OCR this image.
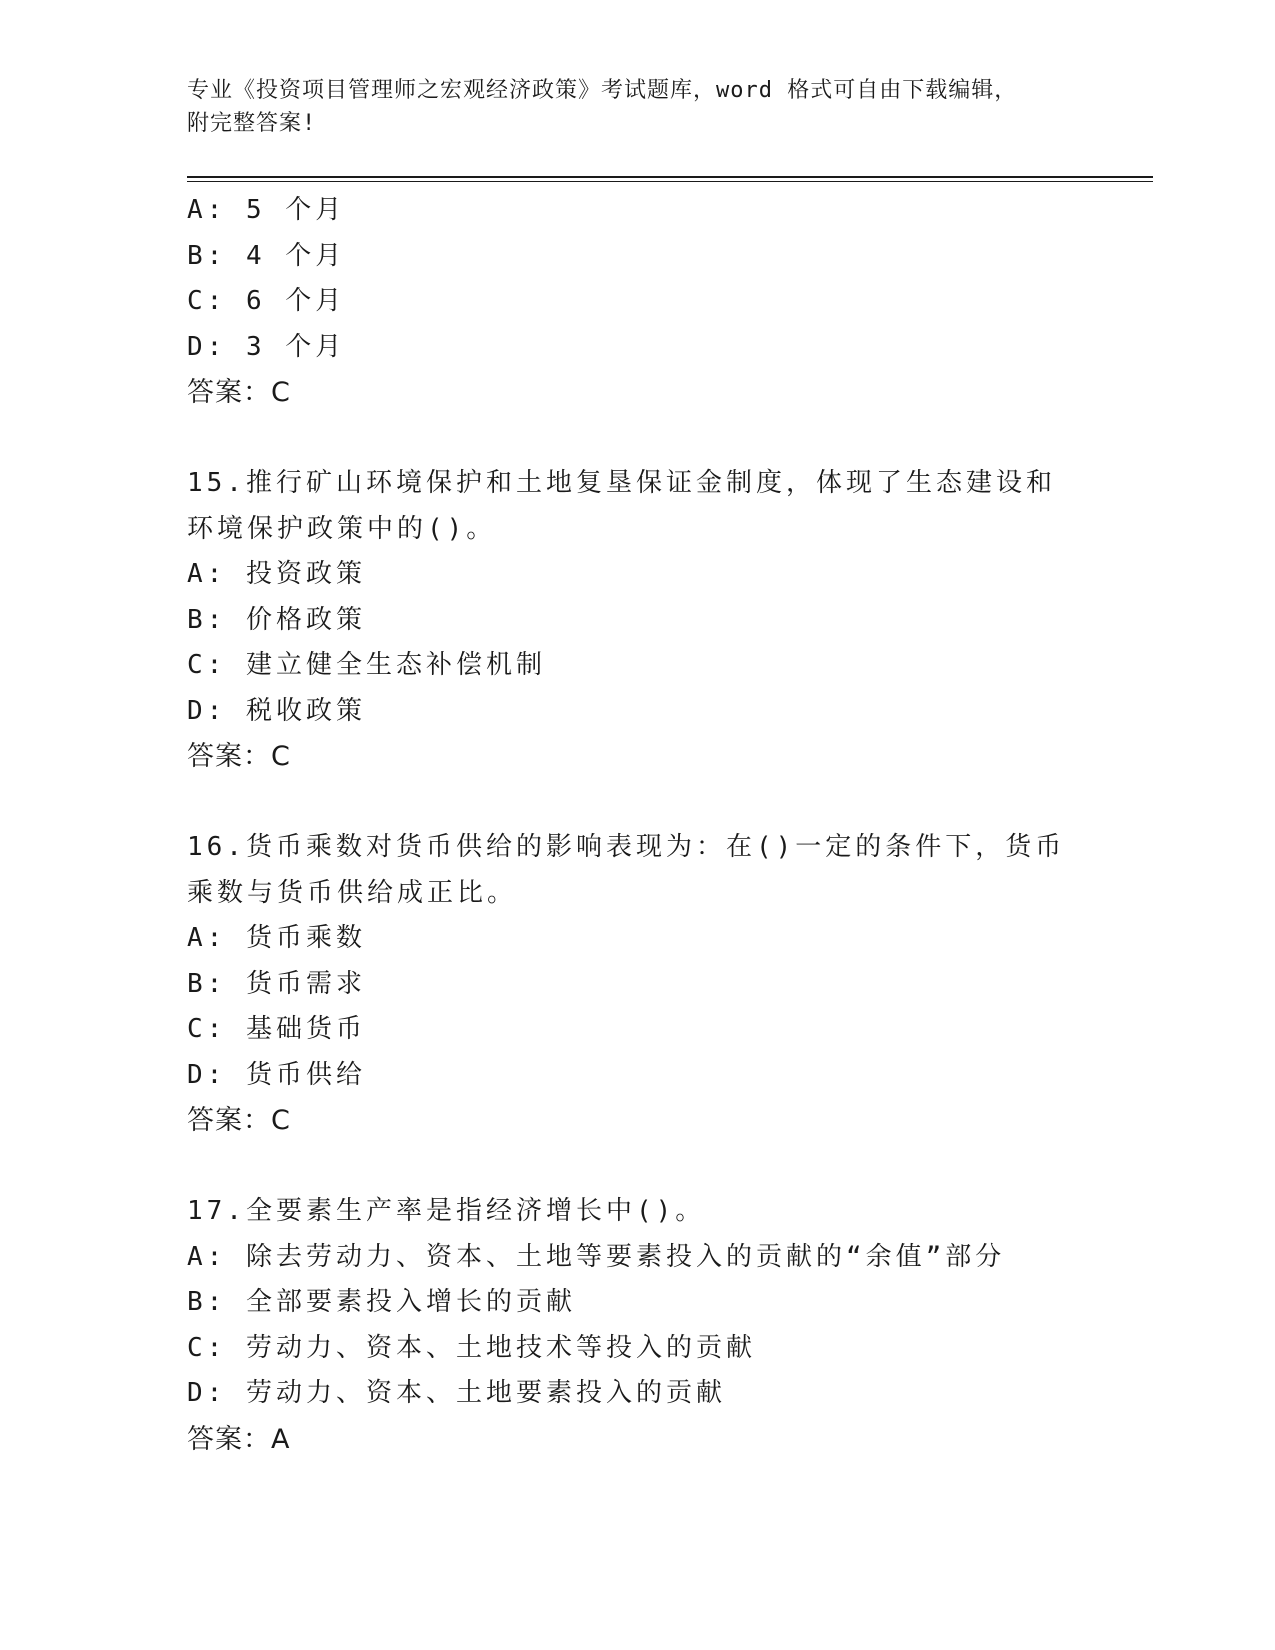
专业《投资项目管理师之宏观经济政策》考试题库，word 格式可自由下载编辑，
附完整答案!
A: 5 个月
B: 4 个月
C: 6 个月
D: 3 个月
答案：C
15.推行矿山环境保护和土地复垦保证金制度，体现了生态建设和环境保护政策中的()。
A: 投资政策
B: 价格政策
C: 建立健全生态补偿机制
D: 税收政策
答案：C
16.货币乘数对货币供给的影响表现为：在()一定的条件下，货币乘数与货币供给成正比。
A: 货币乘数
B: 货币需求
C: 基础货币
D: 货币供给
答案：C
17.全要素生产率是指经济增长中()。
A: 除去劳动力、资本、土地等要素投入的贡献的“余值”部分
B: 全部要素投入增长的贡献
C: 劳动力、资本、土地技术等投入的贡献
D: 劳动力、资本、土地要素投入的贡献
答案：A
